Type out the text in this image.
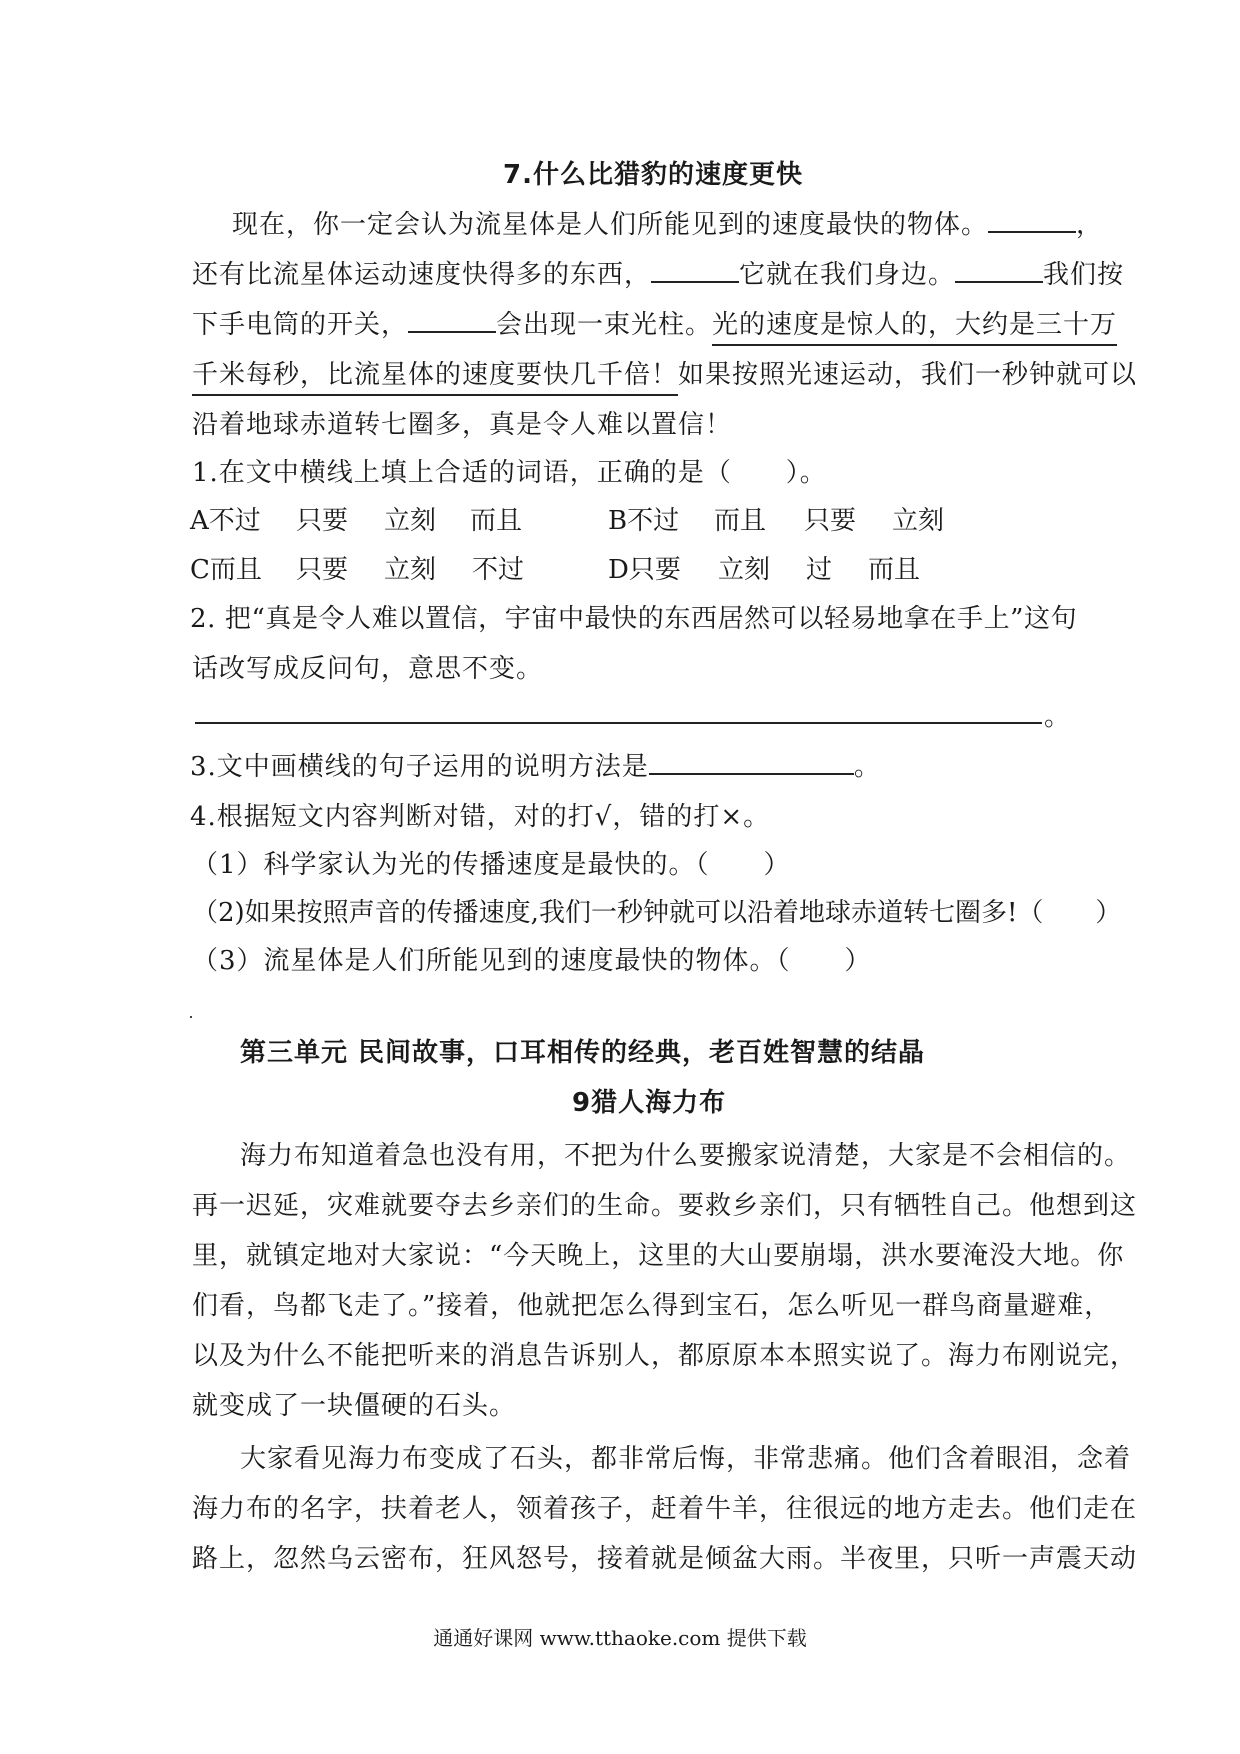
7.什么比猎豹的速度更快
现在，你一定会认为流星体是人们所能见到的速度最快的物体。	，
还有比流星体运动速度快得多的东西，	它就在我们身边。	我们按
下手电筒的开关，	会出现一束光柱。光的速度是惊人的，大约是三十万
千米每秒，比流星体的速度要快几千倍！如果按照光速运动，我们一秒钟就可以
沿着地球赤道转七圈多，真是令人难以置信！
1.在文中横线上填上合适的词语，正确的是（　　）。
A不过 只要 立刻 而且	B不过 而且 只要 立刻
C而且 只要 立刻 不过	D只要 立刻 过 而且
2. 把“真是令人难以置信，宇宙中最快的东西居然可以轻易地拿在手上”这句
话改写成反问句，意思不变。
。
3.文中画横线的句子运用的说明方法是	。
4.根据短文内容判断对错，对的打√，错的打×。
（1）科学家认为光的传播速度是最快的。（　　）
（2)如果按照声音的传播速度,我们一秒钟就可以沿着地球赤道转七圈多!（　　）
（3）流星体是人们所能见到的速度最快的物体。（　　）
第三单元 民间故事，口耳相传的经典，老百姓智慧的结晶
9猎人海力布
海力布知道着急也没有用，不把为什么要搬家说清楚，大家是不会相信的。
再一迟延，灾难就要夺去乡亲们的生命。要救乡亲们，只有牺牲自己。他想到这
里，就镇定地对大家说：“今天晚上，这里的大山要崩塌，洪水要淹没大地。你
们看，鸟都飞走了。”接着，他就把怎么得到宝石，怎么听见一群鸟商量避难，
以及为什么不能把听来的消息告诉别人，都原原本本照实说了。海力布刚说完，
就变成了一块僵硬的石头。
大家看见海力布变成了石头，都非常后悔，非常悲痛。他们含着眼泪，念着
海力布的名字，扶着老人，领着孩子，赶着牛羊，往很远的地方走去。他们走在
路上，忽然乌云密布，狂风怒号，接着就是倾盆大雨。半夜里，只听一声震天动
通通好课网 www.tthaoke.com 提供下载
